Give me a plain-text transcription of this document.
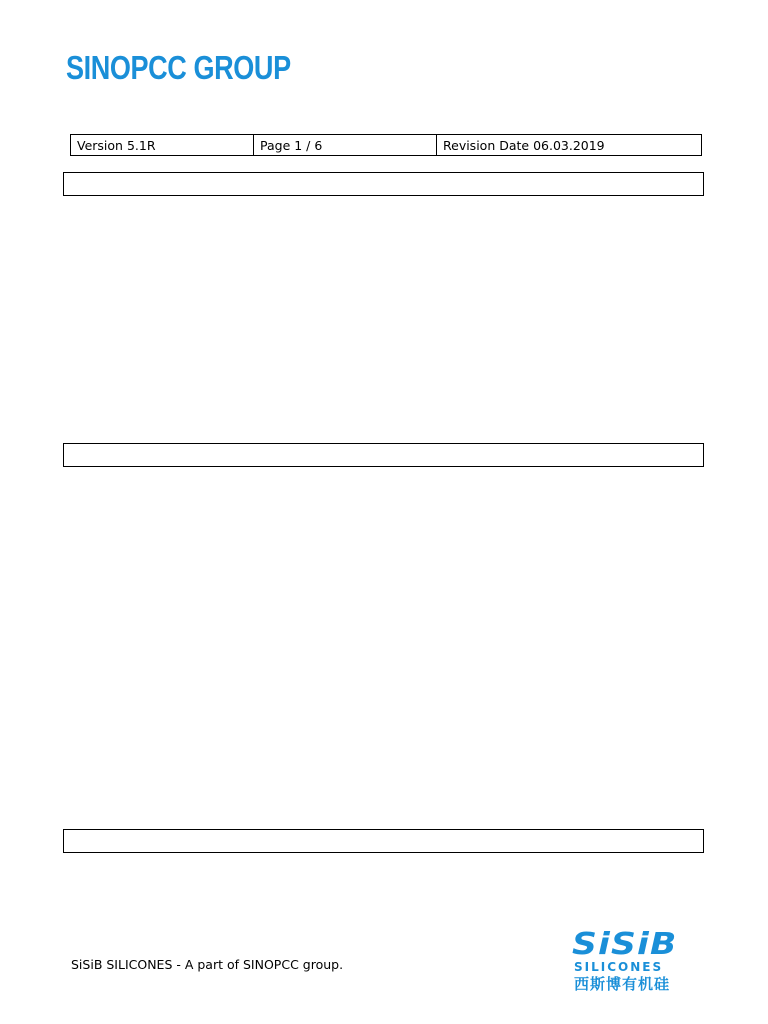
SINOPCC GROUP
Version 5.1R	Page 1 / 6	Revision Date 06.03.2019
SiSiB SILICONES - A part of SINOPCC group.
SiSiB
SILICONES
西斯博有机硅
